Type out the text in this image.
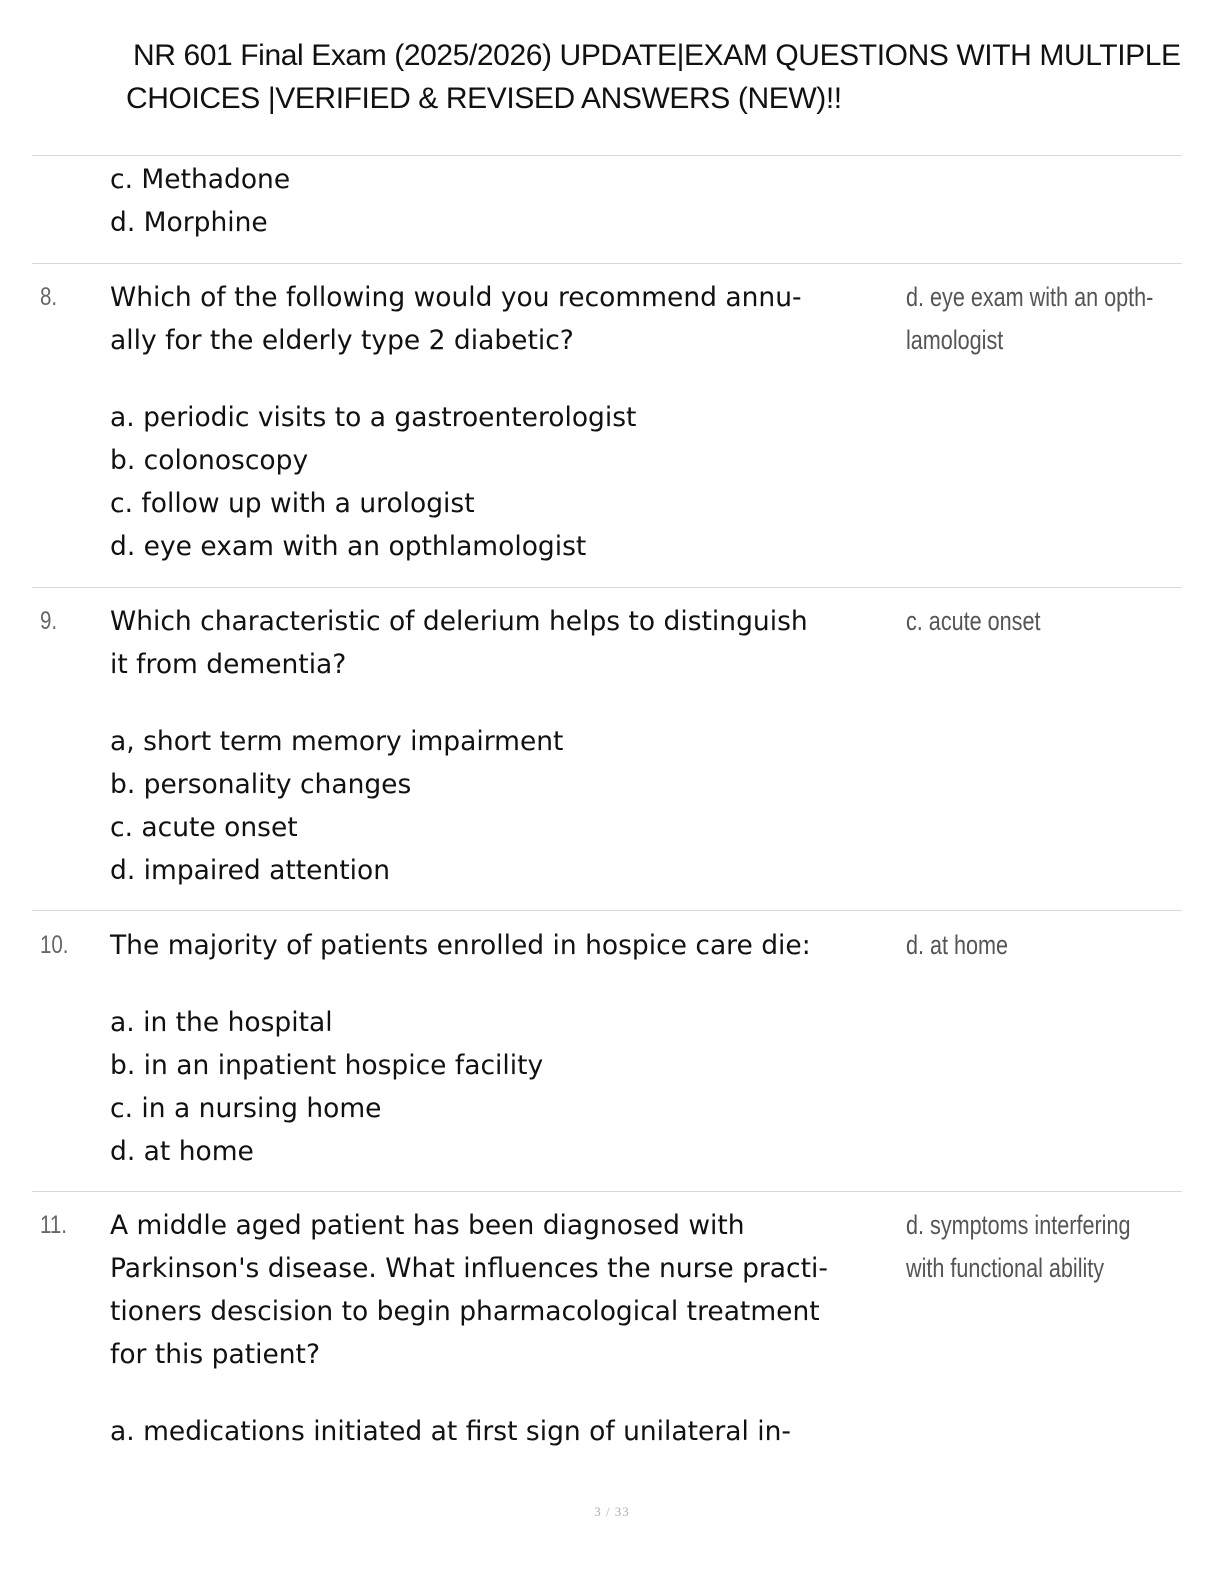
NR 601 Final Exam (2025/2026) UPDATE|EXAM QUESTIONS WITH MULTIPLE
CHOICES |VERIFIED & REVISED ANSWERS (NEW)!!
c. Methadone
d. Morphine
8. Which of the following would you recommend annu-
ally for the elderly type 2 diabetic?
d. eye exam with an opth-
lamologist
a. periodic visits to a gastroenterologist
b. colonoscopy
c. follow up with a urologist
d. eye exam with an opthlamologist
9. Which characteristic of delerium helps to distinguish
it from dementia?
c. acute onset
a, short term memory impairment
b. personality changes
c. acute onset
d. impaired attention
10. The majority of patients enrolled in hospice care die:	d. at home
a. in the hospital
b. in an inpatient hospice facility
c. in a nursing home
d. at home
11. A middle aged patient has been diagnosed with
Parkinson's disease. What influences the nurse practi-
tioners descision to begin pharmacological treatment
for this patient?
d. symptoms interfering
with functional ability
a. medications initiated at first sign of unilateral in-
3 / 33
